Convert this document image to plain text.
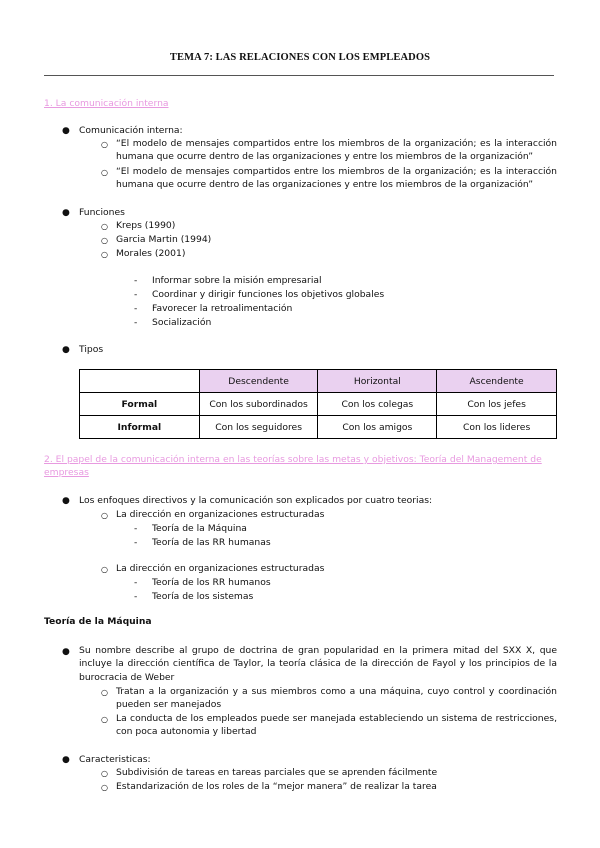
TEMA 7: LAS RELACIONES CON LOS EMPLEADOS
1. La comunicación interna
● Comunicación interna:
○ “El modelo de mensajes compartidos entre los miembros de la organización; es la interacción humana que ocurre dentro de las organizaciones y entre los miembros de la organización”
○ “El modelo de mensajes compartidos entre los miembros de la organización; es la interacción humana que ocurre dentro de las organizaciones y entre los miembros de la organización”
● Funciones
○ Kreps (1990)
○ Garcia Martin (1994)
○ Morales (2001)
- Informar sobre la misión empresarial
- Coordinar y dirigir funciones los objetivos globales
- Favorecer la retroalimentación
- Socialización
● Tipos
	Descendente	Horizontal	Ascendente
Formal	Con los subordinados	Con los colegas	Con los jefes
Informal	Con los seguidores	Con los amigos	Con los lideres
2. El papel de la comunicación interna en las teorías sobre las metas y objetivos: Teoría del Management de empresas
● Los enfoques directivos y la comunicación son explicados por cuatro teorias:
○ La dirección en organizaciones estructuradas
- Teoría de la Máquina
- Teoría de las RR humanas
○ La dirección en organizaciones estructuradas
- Teoría de los RR humanos
- Teoría de los sistemas
Teoría de la Máquina
● Su nombre describe al grupo de doctrina de gran popularidad en la primera mitad del SXX X, que incluye la dirección científica de Taylor, la teoría clásica de la dirección de Fayol y los principios de la burocracia de Weber
○ Tratan a la organización y a sus miembros como a una máquina, cuyo control y coordinación pueden ser manejados
○ La conducta de los empleados puede ser manejada estableciendo un sistema de restricciones, con poca autonomia y libertad
● Caracteristicas:
○ Subdivisión de tareas en tareas parciales que se aprenden fácilmente
○ Estandarización de los roles de la “mejor manera” de realizar la tarea
